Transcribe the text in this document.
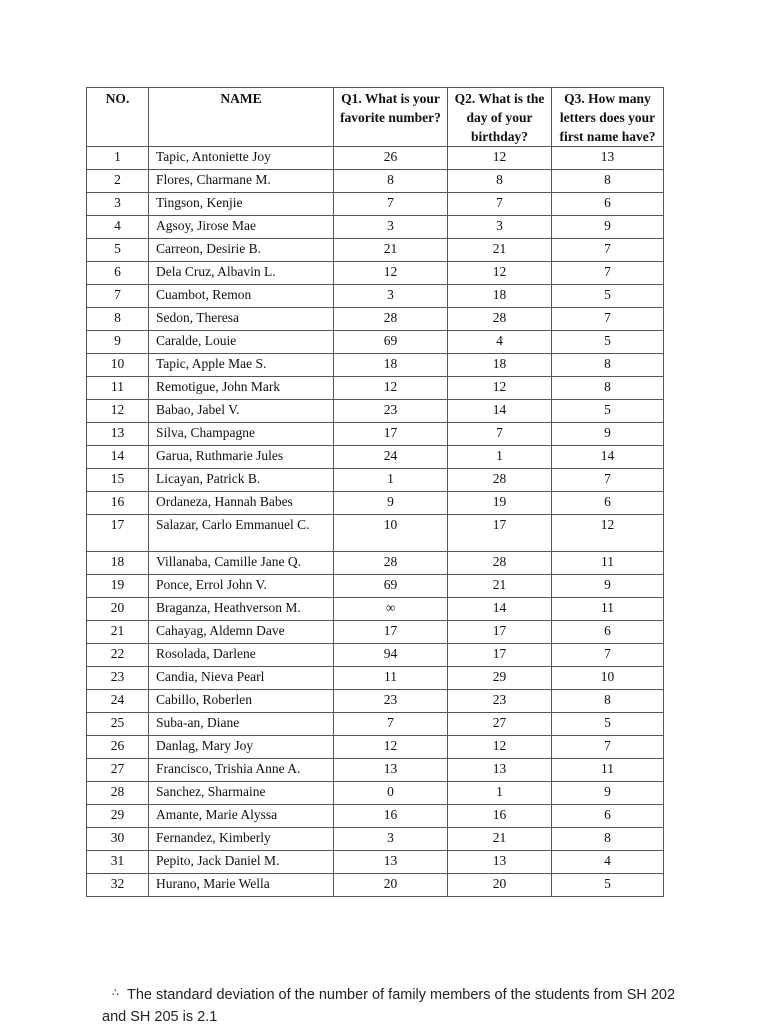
NO.	NAME	Q1. What is your favorite number?	Q2. What is the day of your birthday?	Q3. How many letters does your first name have?
1	Tapic, Antoniette Joy	26	12	13
2	Flores, Charmane M.	8	8	8
3	Tingson, Kenjie	7	7	6
4	Agsoy, Jirose Mae	3	3	9
5	Carreon, Desirie B.	21	21	7
6	Dela Cruz, Albavin L.	12	12	7
7	Cuambot, Remon	3	18	5
8	Sedon, Theresa	28	28	7
9	Caralde, Louie	69	4	5
10	Tapic, Apple Mae S.	18	18	8
11	Remotigue, John Mark	12	12	8
12	Babao, Jabel V.	23	14	5
13	Silva, Champagne	17	7	9
14	Garua, Ruthmarie Jules	24	1	14
15	Licayan, Patrick B.	1	28	7
16	Ordaneza, Hannah Babes	9	19	6
17	Salazar, Carlo Emmanuel C.	10	17	12
18	Villanaba, Camille Jane Q.	28	28	11
19	Ponce, Errol John V.	69	21	9
20	Braganza, Heathverson M.	∞	14	11
21	Cahayag, Aldemn Dave	17	17	6
22	Rosolada, Darlene	94	17	7
23	Candia, Nieva Pearl	11	29	10
24	Cabillo, Roberlen	23	23	8
25	Suba-an, Diane	7	27	5
26	Danlag, Mary Joy	12	12	7
27	Francisco, Trishia Anne A.	13	13	11
28	Sanchez, Sharmaine	0	1	9
29	Amante, Marie Alyssa	16	16	6
30	Fernandez, Kimberly	3	21	8
31	Pepito, Jack Daniel M.	13	13	4
32	Hurano, Marie Wella	20	20	5
∴ The standard deviation of the number of family members of the students from SH 202 and SH 205 is 2.1
